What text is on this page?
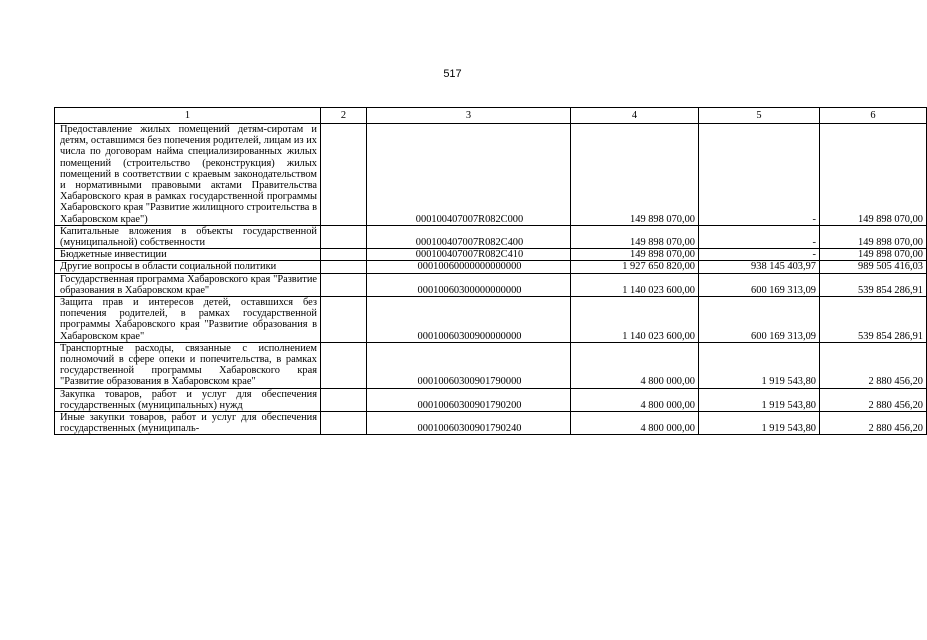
517
1	2	3	4	5	6
Предоставление жилых помещений детям-сиротам и детям, оставшимся без попечения родителей, лицам из их числа по договорам найма специализированных жилых помещений (строительство (реконструкция) жилых помещений в соответствии с краевым законодательством и нормативными правовыми актами Правительства Хабаровского края в рамках государственной программы Хабаровского края "Развитие жилищного строительства в Хабаровском крае")		000100407007R082C000	149 898 070,00	-	149 898 070,00
Капитальные вложения в объекты государственной (муниципальной) собственности		000100407007R082C400	149 898 070,00	-	149 898 070,00
Бюджетные инвестиции		000100407007R082C410	149 898 070,00	-	149 898 070,00
Другие вопросы в области социальной политики		00010060000000000000	1 927 650 820,00	938 145 403,97	989 505 416,03
Государственная программа Хабаровского края "Развитие образования в Хабаровском крае"		00010060300000000000	1 140 023 600,00	600 169 313,09	539 854 286,91
Защита прав и интересов детей, оставшихся без попечения родителей, в рамках государственной программы Хабаровского края "Развитие образования в Хабаровском крае"		00010060300900000000	1 140 023 600,00	600 169 313,09	539 854 286,91
Транспортные расходы, связанные с исполнением полномочий в сфере опеки и попечительства, в рамках государственной программы Хабаровского края "Развитие образования в Хабаровском крае"		00010060300901790000	4 800 000,00	1 919 543,80	2 880 456,20
Закупка товаров, работ и услуг для обеспечения государственных (муниципальных) нужд		00010060300901790200	4 800 000,00	1 919 543,80	2 880 456,20
Иные закупки товаров, работ и услуг для обеспечения государственных (муниципаль-		00010060300901790240	4 800 000,00	1 919 543,80	2 880 456,20
